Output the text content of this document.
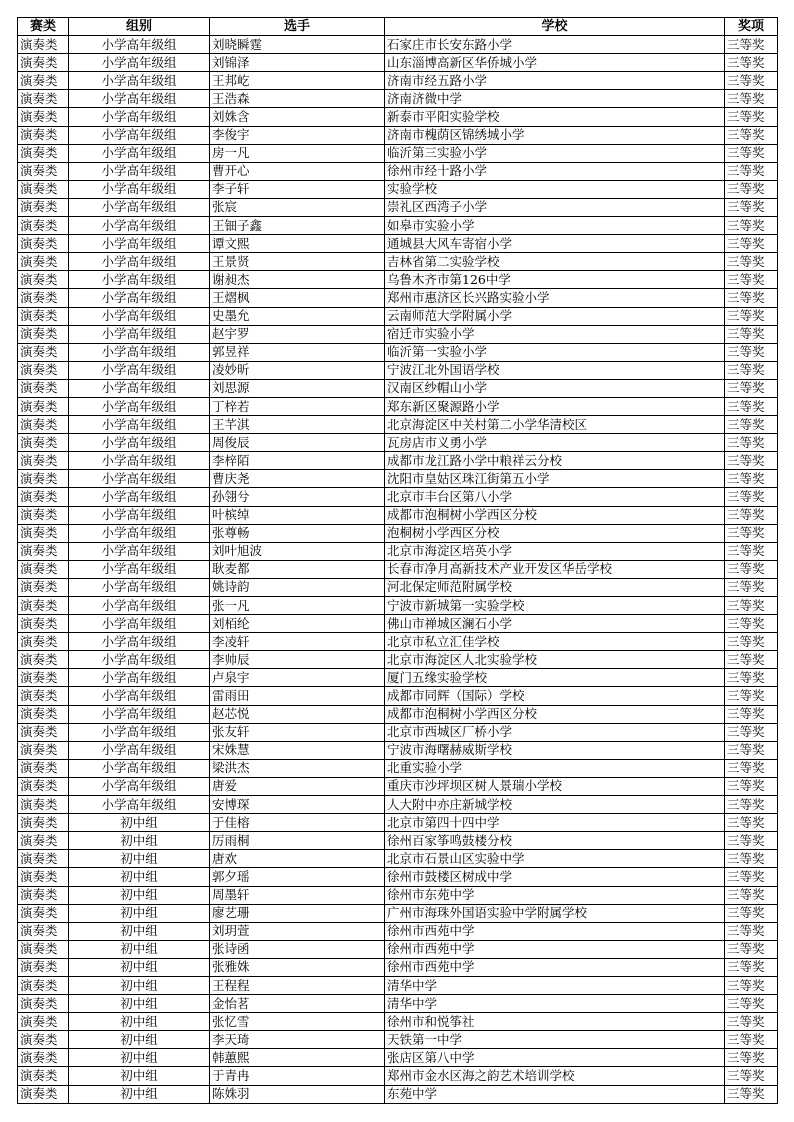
赛类	组别	选手	学校	奖项
演奏类	小学高年级组	刘晓瞬霆	石家庄市长安东路小学	三等奖
演奏类	小学高年级组	刘锦泽	山东淄博高新区华侨城小学	三等奖
演奏类	小学高年级组	王邦屹	济南市经五路小学	三等奖
演奏类	小学高年级组	王浩森	济南济微中学	三等奖
演奏类	小学高年级组	刘姝含	新泰市平阳实验学校	三等奖
演奏类	小学高年级组	李俊宇	济南市槐荫区锦绣城小学	三等奖
演奏类	小学高年级组	房一凡	临沂第三实验小学	三等奖
演奏类	小学高年级组	曹开心	徐州市经十路小学	三等奖
演奏类	小学高年级组	李子轩	实验学校	三等奖
演奏类	小学高年级组	张宸	崇礼区西湾子小学	三等奖
演奏类	小学高年级组	王钿子鑫	如皋市实验小学	三等奖
演奏类	小学高年级组	谭文熙	通城县大风车寄宿小学	三等奖
演奏类	小学高年级组	王景贤	吉林省第二实验学校	三等奖
演奏类	小学高年级组	谢昶杰	乌鲁木齐市第126中学	三等奖
演奏类	小学高年级组	王熠枫	郑州市惠济区长兴路实验小学	三等奖
演奏类	小学高年级组	史墨允	云南师范大学附属小学	三等奖
演奏类	小学高年级组	赵宇罗	宿迁市实验小学	三等奖
演奏类	小学高年级组	郭昱祥	临沂第一实验小学	三等奖
演奏类	小学高年级组	凌妙昕	宁波江北外国语学校	三等奖
演奏类	小学高年级组	刘思源	汉南区纱帽山小学	三等奖
演奏类	小学高年级组	丁梓若	郑东新区聚源路小学	三等奖
演奏类	小学高年级组	王芊淇	北京海淀区中关村第二小学华清校区	三等奖
演奏类	小学高年级组	周俊辰	瓦房店市义勇小学	三等奖
演奏类	小学高年级组	李梓陌	成都市龙江路小学中粮祥云分校	三等奖
演奏类	小学高年级组	曹庆尧	沈阳市皇姑区珠江街第五小学	三等奖
演奏类	小学高年级组	孙翎兮	北京市丰台区第八小学	三等奖
演奏类	小学高年级组	叶槟绰	成都市泡桐树小学西区分校	三等奖
演奏类	小学高年级组	张尊畅	泡桐树小学西区分校	三等奖
演奏类	小学高年级组	刘叶旭波	北京市海淀区培英小学	三等奖
演奏类	小学高年级组	耿麦都	长春市净月高新技术产业开发区华岳学校	三等奖
演奏类	小学高年级组	姚诗韵	河北保定师范附属学校	三等奖
演奏类	小学高年级组	张一凡	宁波市新城第一实验学校	三等奖
演奏类	小学高年级组	刘栢纶	佛山市禅城区澜石小学	三等奖
演奏类	小学高年级组	李凌轩	北京市私立汇佳学校	三等奖
演奏类	小学高年级组	李帅辰	北京市海淀区人北实验学校	三等奖
演奏类	小学高年级组	卢泉宇	厦门五缘实验学校	三等奖
演奏类	小学高年级组	雷雨田	成都市同辉（国际）学校	三等奖
演奏类	小学高年级组	赵芯悦	成都市泡桐树小学西区分校	三等奖
演奏类	小学高年级组	张友轩	北京市西城区厂桥小学	三等奖
演奏类	小学高年级组	宋姝慧	宁波市海曙赫威斯学校	三等奖
演奏类	小学高年级组	梁洪杰	北重实验小学	三等奖
演奏类	小学高年级组	唐爱	重庆市沙坪坝区树人景瑞小学校	三等奖
演奏类	小学高年级组	安博琛	人大附中亦庄新城学校	三等奖
演奏类	初中组	于佳榕	北京市第四十四中学	三等奖
演奏类	初中组	厉雨桐	徐州百家筝鸣鼓楼分校	三等奖
演奏类	初中组	唐欢	北京市石景山区实验中学	三等奖
演奏类	初中组	郭夕瑶	徐州市鼓楼区树成中学	三等奖
演奏类	初中组	周墨轩	徐州市东苑中学	三等奖
演奏类	初中组	廖艺珊	广州市海珠外国语实验中学附属学校	三等奖
演奏类	初中组	刘玥萱	徐州市西苑中学	三等奖
演奏类	初中组	张诗函	徐州市西苑中学	三等奖
演奏类	初中组	张雅姝	徐州市西苑中学	三等奖
演奏类	初中组	王程程	清华中学	三等奖
演奏类	初中组	金怡茗	清华中学	三等奖
演奏类	初中组	张忆雪	徐州市和悦筝社	三等奖
演奏类	初中组	李天琦	天铁第一中学	三等奖
演奏类	初中组	韩蕙熙	张店区第八中学	三等奖
演奏类	初中组	于青冉	郑州市金水区海之韵艺术培训学校	三等奖
演奏类	初中组	陈姝羽	东苑中学	三等奖
